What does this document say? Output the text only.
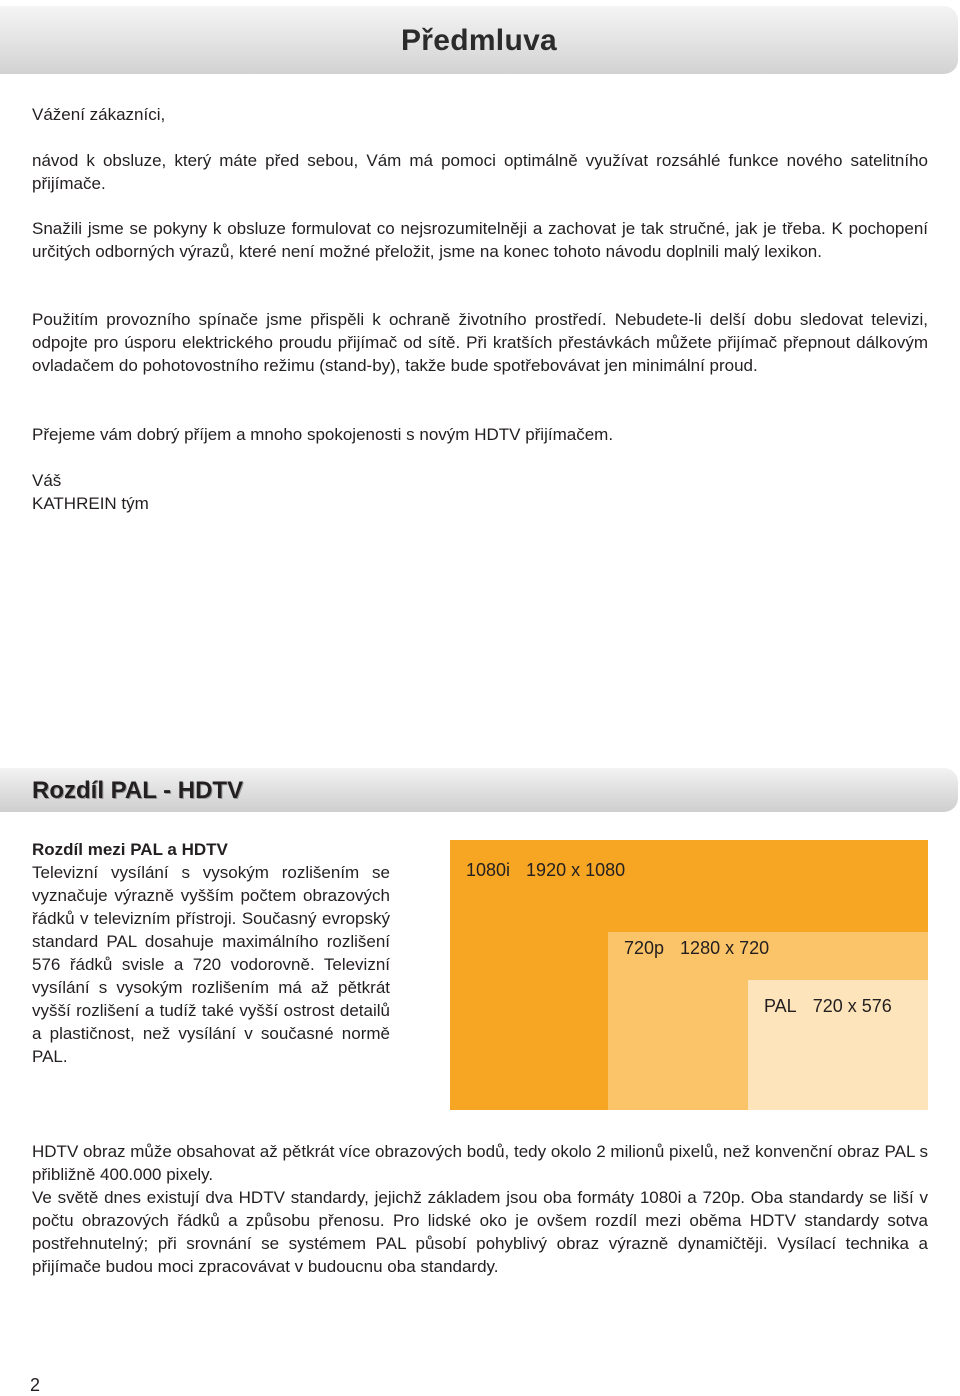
Předmluva

Vážení zákazníci,

návod k obsluze, který máte před sebou, Vám má pomoci optimálně využívat rozsáhlé funkce nového satelitního přijímače.

Snažili jsme se pokyny k obsluze formulovat co nejsrozumitelněji a zachovat je tak stručné, jak je třeba. K pochopení určitých odborných výrazů, které není možné přeložit, jsme na konec tohoto návodu doplnili malý lexikon.

Použitím provozního spínače jsme přispěli k ochraně životního prostředí. Nebudete-li delší dobu sledovat televizi, odpojte pro úsporu elektrického proudu přijímač od sítě. Při kratších přestávkách můžete přijímač přepnout dálkovým ovladačem do pohotovostního režimu (stand-by), takže bude spotřebovávat jen minimální proud.

Přejeme vám dobrý příjem a mnoho spokojenosti s novým HDTV přijímačem.

Váš
KATHREIN tým
Rozdíl PAL - HDTV
Rozdíl mezi PAL a HDTV
Televizní vysílání s vysokým rozlišením se vyznačuje výrazně vyšším počtem obrazových řádků v televizním přístroji. Současný evropský standard PAL dosahuje maximálního rozlišení 576 řádků svisle a 720 vodorovně. Televizní vysílání s vysokým rozlišením má až pětkrát vyšší rozlišení a tudíž také vyšší ostrost detailů a plastičnost, než vysílání v současné normě PAL.
1080i 1920 x 1080
720p 1280 x 720
PAL 720 x 576

HDTV obraz může obsahovat až pětkrát více obrazových bodů, tedy okolo 2 milionů pixelů, než konvenční obraz PAL s přibližně 400.000 pixely.

Ve světě dnes existují dva HDTV standardy, jejichž základem jsou oba formáty 1080i a 720p. Oba standardy se liší v počtu obrazových řádků a způsobu přenosu. Pro lidské oko je ovšem rozdíl mezi oběma HDTV standardy sotva postřehnutelný; při srovnání se systémem PAL působí pohyblivý obraz výrazně dynamičtěji. Vysílací technika a přijímače budou moci zpracovávat v budoucnu oba standardy.

2
